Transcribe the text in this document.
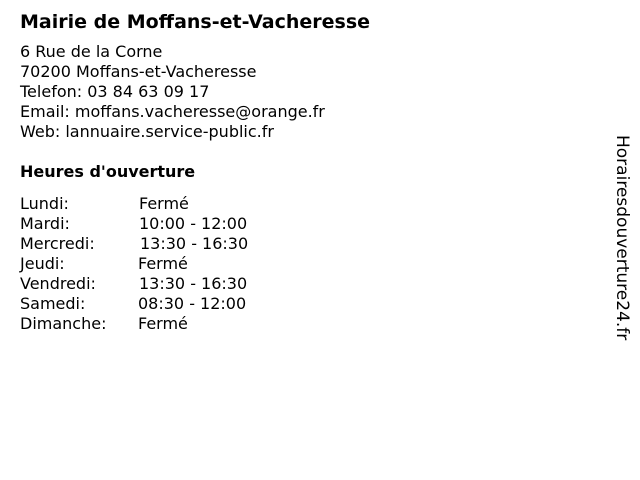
Mairie de Moffans-et-Vacheresse
6 Rue de la Corne
70200 Moffans-et-Vacheresse
Telefon: 03 84 63 09 17
Email: moffans.vacheresse@orange.fr
Web: lannuaire.service-public.fr
Heures d'ouverture
Lundi:	Fermé
Mardi:	10:00 - 12:00
Mercredi:	13:30 - 16:30
Jeudi:	Fermé
Vendredi:	13:30 - 16:30
Samedi:	08:30 - 12:00
Dimanche: Fermé	Horairesdouverture24.fr
